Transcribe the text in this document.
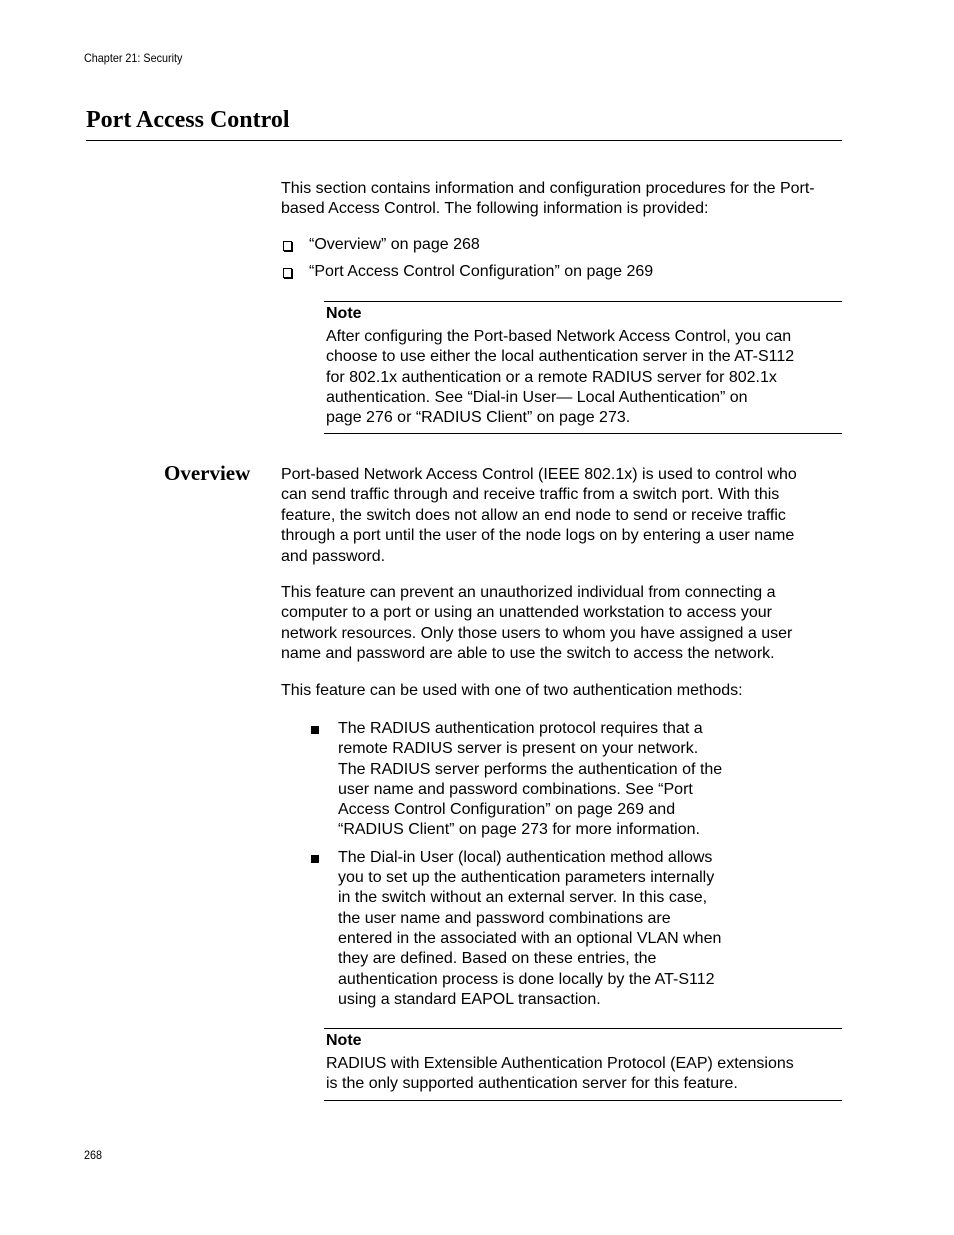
Chapter 21: Security
Port Access Control

This section contains information and configuration procedures for the Port-based Access Control. The following information is provided:

“Overview” on page 268
“Port Access Control Configuration” on page 269
Note
After configuring the Port-based Network Access Control, you can
choose to use either the local authentication server in the AT-S112
for 802.1x authentication or a remote RADIUS server for 802.1x
authentication. See “Dial-in User— Local Authentication” on
page 276 or “RADIUS Client” on page 273.
Overview Port-based Network Access Control (IEEE 802.1x) is used to control who
can send traffic through and receive traffic from a switch port. With this
feature, the switch does not allow an end node to send or receive traffic
through a port until the user of the node logs on by entering a user name
and password.
This feature can prevent an unauthorized individual from connecting a
computer to a port or using an unattended workstation to access your
network resources. Only those users to whom you have assigned a user
name and password are able to use the switch to access the network.

This feature can be used with one of two authentication methods:

The RADIUS authentication protocol requires that a
remote RADIUS server is present on your network.
The RADIUS server performs the authentication of the
user name and password combinations. See “Port
Access Control Configuration” on page 269 and
“RADIUS Client” on page 273 for more information.
The Dial-in User (local) authentication method allows
you to set up the authentication parameters internally
in the switch without an external server. In this case,
the user name and password combinations are
entered in the associated with an optional VLAN when
they are defined. Based on these entries, the
authentication process is done locally by the AT-S112
using a standard EAPOL transaction.
Note
RADIUS with Extensible Authentication Protocol (EAP) extensions
is the only supported authentication server for this feature.
268
